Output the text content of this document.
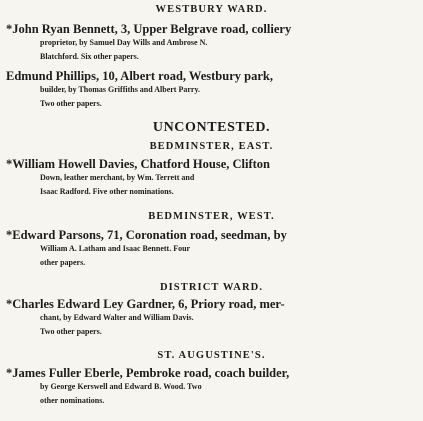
WESTBURY WARD.

*John Ryan Bennett, 3, Upper Belgrave road, colliery
proprietor, by Samuel Day Wills and Ambrose N.
Blatchford. Six other papers.

Edmund Phillips, 10, Albert road, Westbury park,
builder, by Thomas Griffiths and Albert Parry.
Two other papers.

UNCONTESTED.
BEDMINSTER, EAST.

*William Howell Davies, Chatford House, Clifton
Down, leather merchant, by Wm. Terrett and
Isaac Radford. Five other nominations.

BEDMINSTER, WEST.

*Edward Parsons, 71, Coronation road, seedman, by
William A. Latham and Isaac Bennett. Four
other papers.

DISTRICT WARD.

*Charles Edward Ley Gardner, 6, Priory road, mer-
chant, by Edward Walter and William Davis.
Two other papers.

ST. AUGUSTINE'S.

*James Fuller Eberle, Pembroke road, coach builder,
by George Kerswell and Edward B. Wood. Two
other nominations.
